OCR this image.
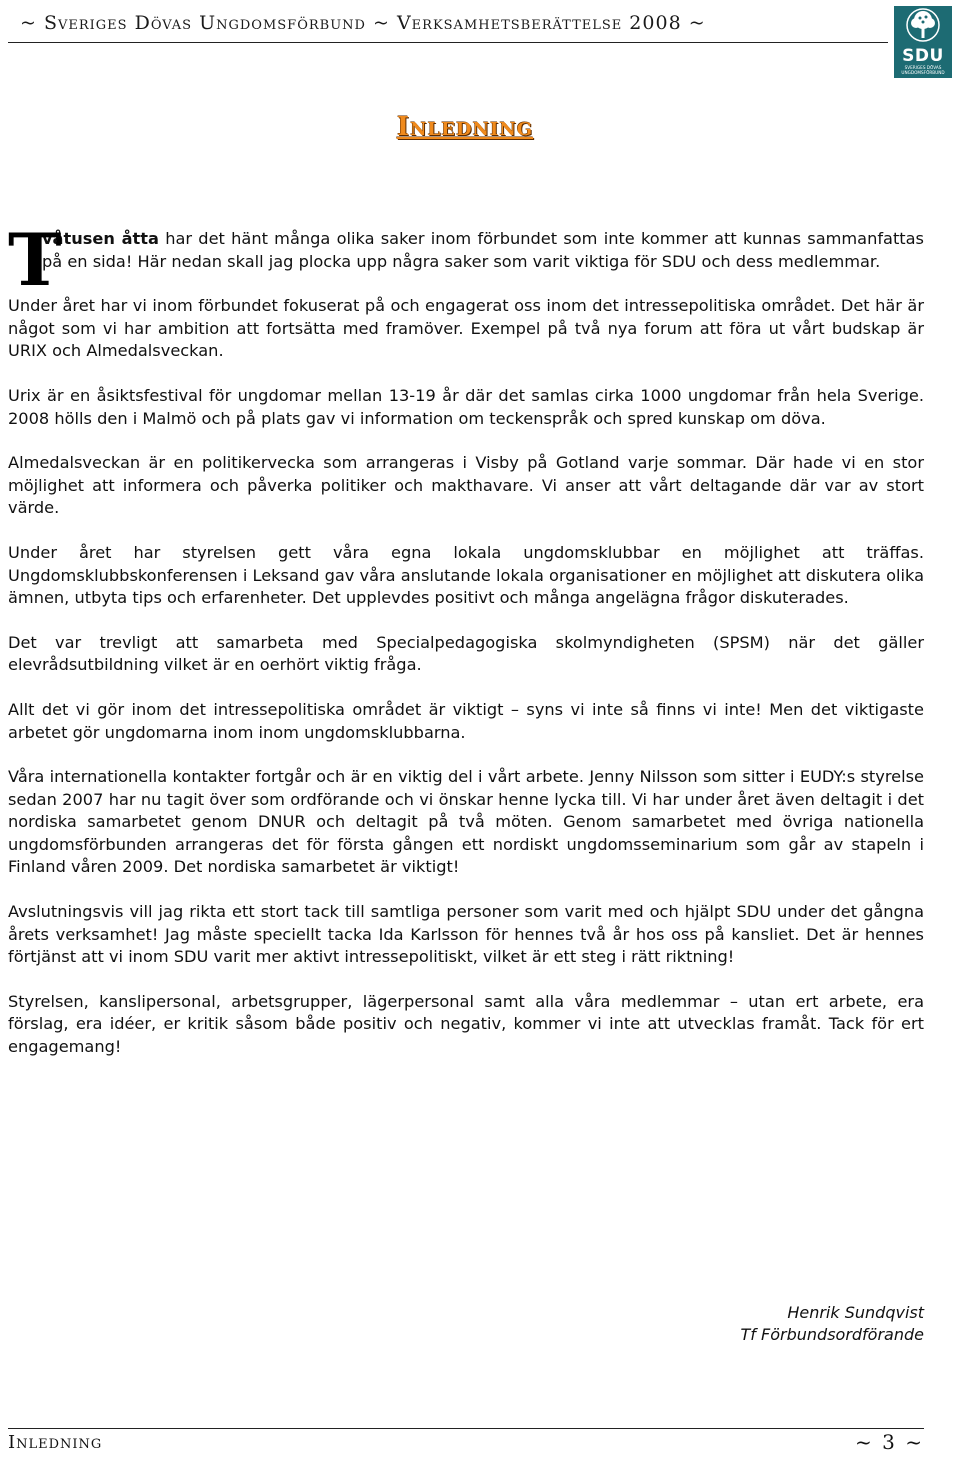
~ Sveriges Dövas Ungdomsförbund ~ Verksamhetsberättelse 2008 ~
SDU
SVERIGES DÖVAS UNGDOMSFÖRBUND
Inledning

T
våtusen åtta har det hänt många olika saker inom förbundet som inte kommer att kunnas sammanfattas på en sida! Här nedan skall jag plocka upp några saker som varit viktiga för SDU och dess medlemmar.

Under året har vi inom förbundet fokuserat på och engagerat oss inom det intressepolitiska området. Det här är något som vi har ambition att fortsätta med framöver. Exempel på två nya forum att föra ut vårt budskap är URIX och Almedalsveckan.

Urix är en åsiktsfestival för ungdomar mellan 13-19 år där det samlas cirka 1000 ungdomar från hela Sverige. 2008 hölls den i Malmö och på plats gav vi information om teckenspråk och spred kunskap om döva.

Almedalsveckan är en politikervecka som arrangeras i Visby på Gotland varje sommar. Där hade vi en stor möjlighet att informera och påverka politiker och makthavare. Vi anser att vårt deltagande där var av stort värde.

Under året har styrelsen gett våra egna lokala ungdomsklubbar en möjlighet att träffas. Ungdomsklubbskonferensen i Leksand gav våra anslutande lokala organisationer en möjlighet att diskutera olika ämnen, utbyta tips och erfarenheter. Det upplevdes positivt och många angelägna frågor diskuterades.

Det var trevligt att samarbeta med Specialpedagogiska skolmyndigheten (SPSM) när det gäller elevrådsutbildning vilket är en oerhört viktig fråga.

Allt det vi gör inom det intressepolitiska området är viktigt – syns vi inte så finns vi inte! Men det viktigaste arbetet gör ungdomarna inom inom ungdomsklubbarna.

Våra internationella kontakter fortgår och är en viktig del i vårt arbete. Jenny Nilsson som sitter i EUDY:s styrelse sedan 2007 har nu tagit över som ordförande och vi önskar henne lycka till. Vi har under året även deltagit i det nordiska samarbetet genom DNUR och deltagit på två möten. Genom samarbetet med övriga nationella ungdomsförbunden arrangeras det för första gången ett nordiskt ungdomsseminarium som går av stapeln i Finland våren 2009. Det nordiska samarbetet är viktigt!

Avslutningsvis vill jag rikta ett stort tack till samtliga personer som varit med och hjälpt SDU under det gångna årets verksamhet! Jag måste speciellt tacka Ida Karlsson för hennes två år hos oss på kansliet. Det är hennes förtjänst att vi inom SDU varit mer aktivt intressepolitiskt, vilket är ett steg i rätt riktning!

Styrelsen, kanslipersonal, arbetsgrupper, lägerpersonal samt alla våra medlemmar – utan ert arbete, era förslag, era idéer, er kritik såsom både positiv och negativ, kommer vi inte att utvecklas framåt. Tack för ert engagemang!

Henrik Sundqvist
Tf Förbundsordförande
Inledning	~ 3 ~
